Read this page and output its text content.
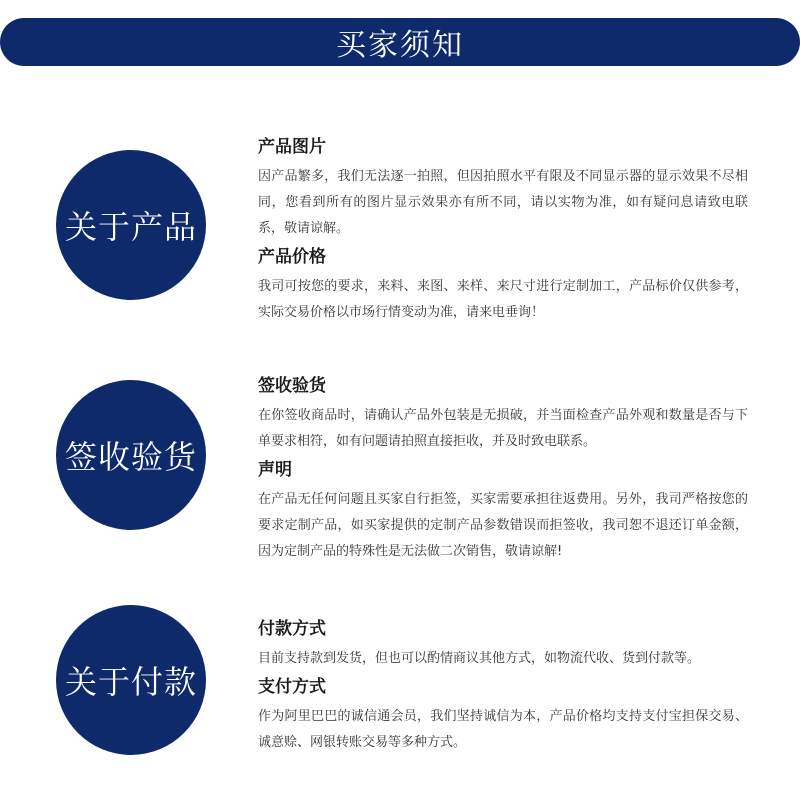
买家须知
关于产品
产品图片
因产品繁多，我们无法逐一拍照，但因拍照水平有限及不同显示器的显示效果不尽相同，您看到所有的图片显示效果亦有所不同，请以实物为准，如有疑问息请致电联系，敬请谅解。
产品价格
我司可按您的要求，来料、来图、来样、来尺寸进行定制加工，产品标价仅供参考，实际交易价格以市场行情变动为准，请来电垂询！
签收验货
签收验货
在你签收商品时，请确认产品外包装是无损破，并当面检查产品外观和数量是否与下单要求相符，如有问题请拍照直接拒收，并及时致电联系。
声明
在产品无任何问题且买家自行拒签，买家需要承担往返费用。另外，我司严格按您的要求定制产品，如买家提供的定制产品参数错误而拒签收，我司恕不退还订单金额，因为定制产品的特殊性是无法做二次销售，敬请谅解!
关于付款
付款方式
目前支持款到发货，但也可以酌情商议其他方式，如物流代收、货到付款等。
支付方式
作为阿里巴巴的诚信通会员，我们坚持诚信为本，产品价格均支持支付宝担保交易、诚意赊、网银转账交易等多种方式。
